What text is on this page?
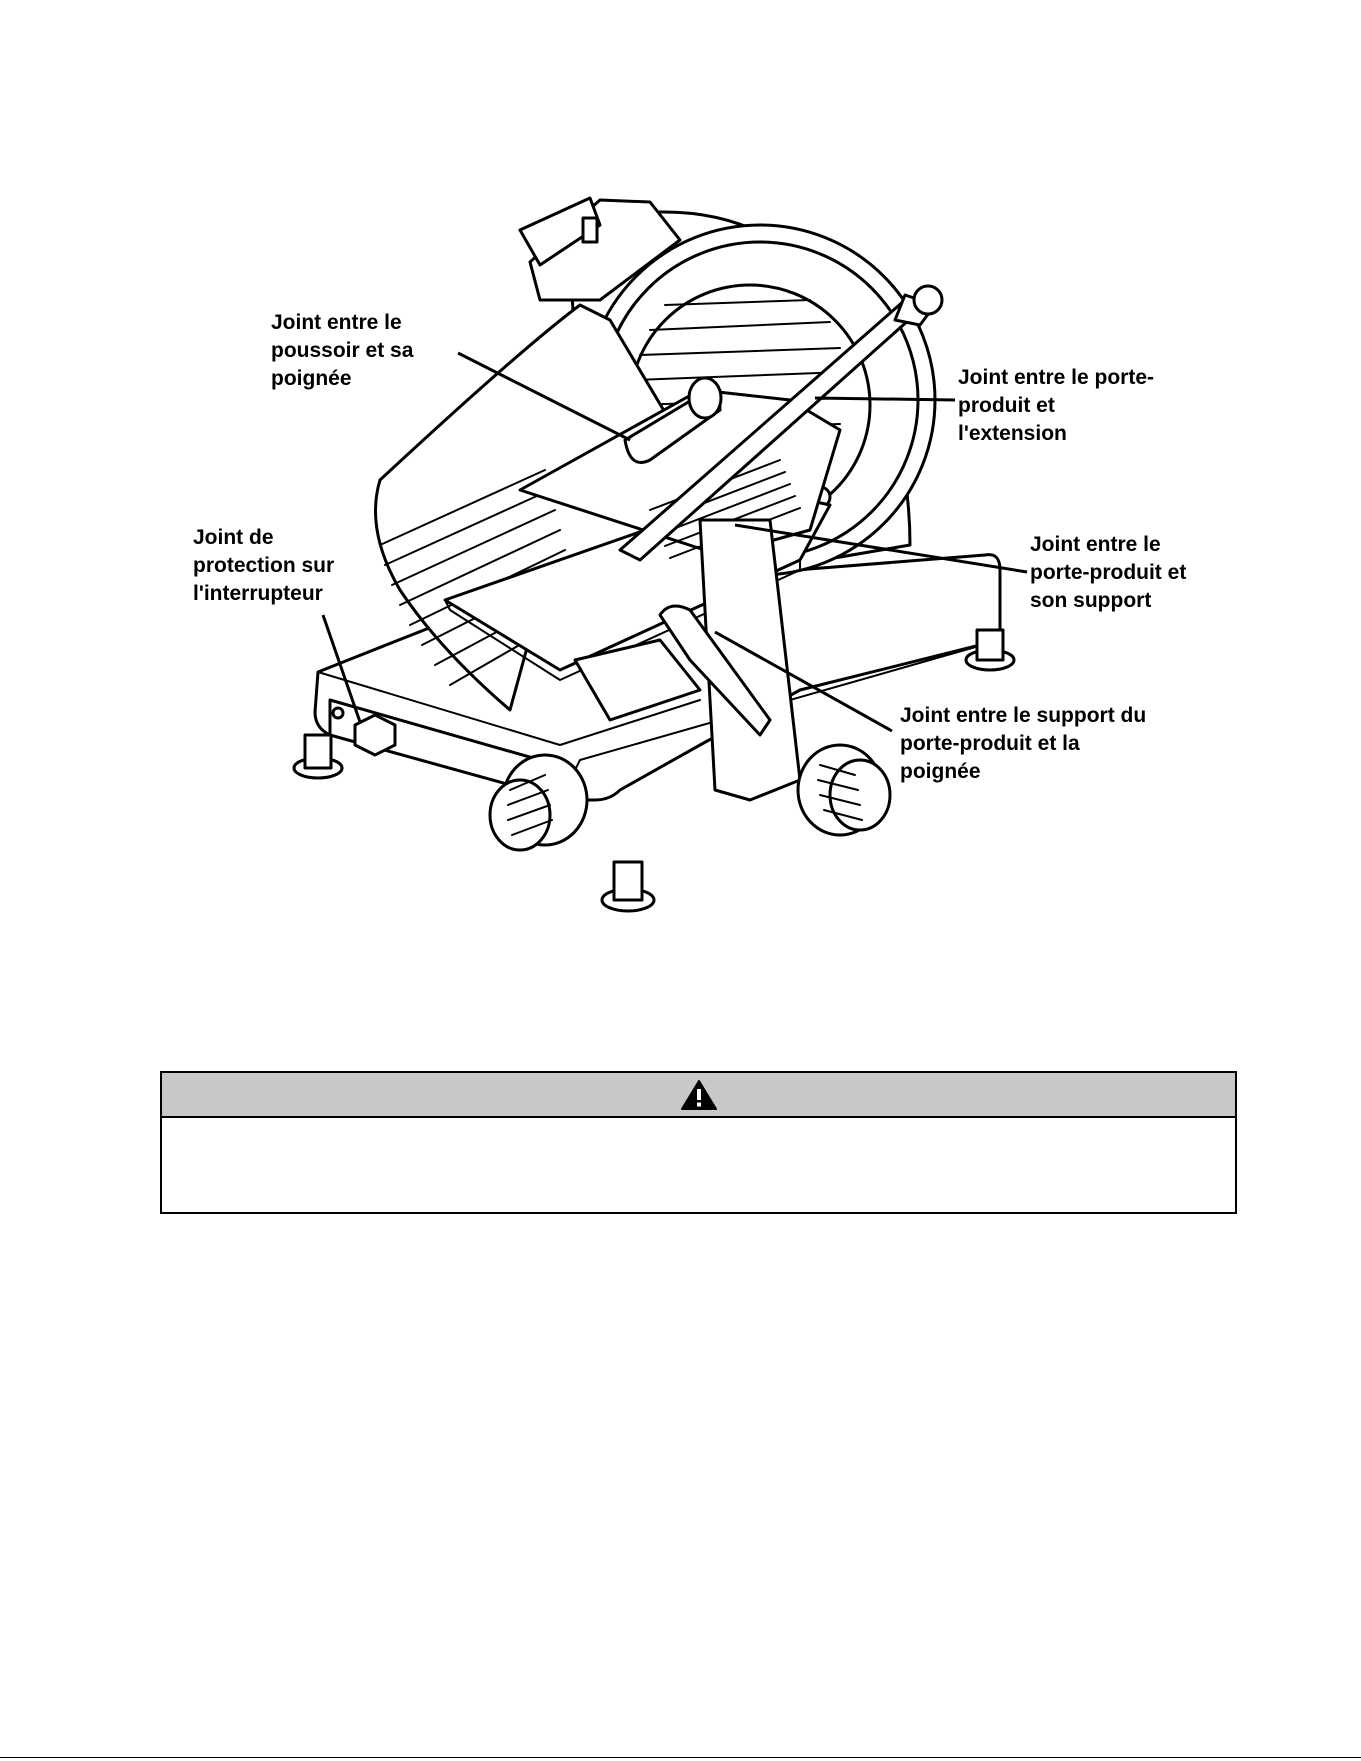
Joint entre le
poussoir et sa
poignée
Joint de
protection sur
l'interrupteur
Joint entre le porte-
produit et
l'extension
Joint entre le
porte-produit et
son support
Joint entre le support du
porte-produit et la
poignée
